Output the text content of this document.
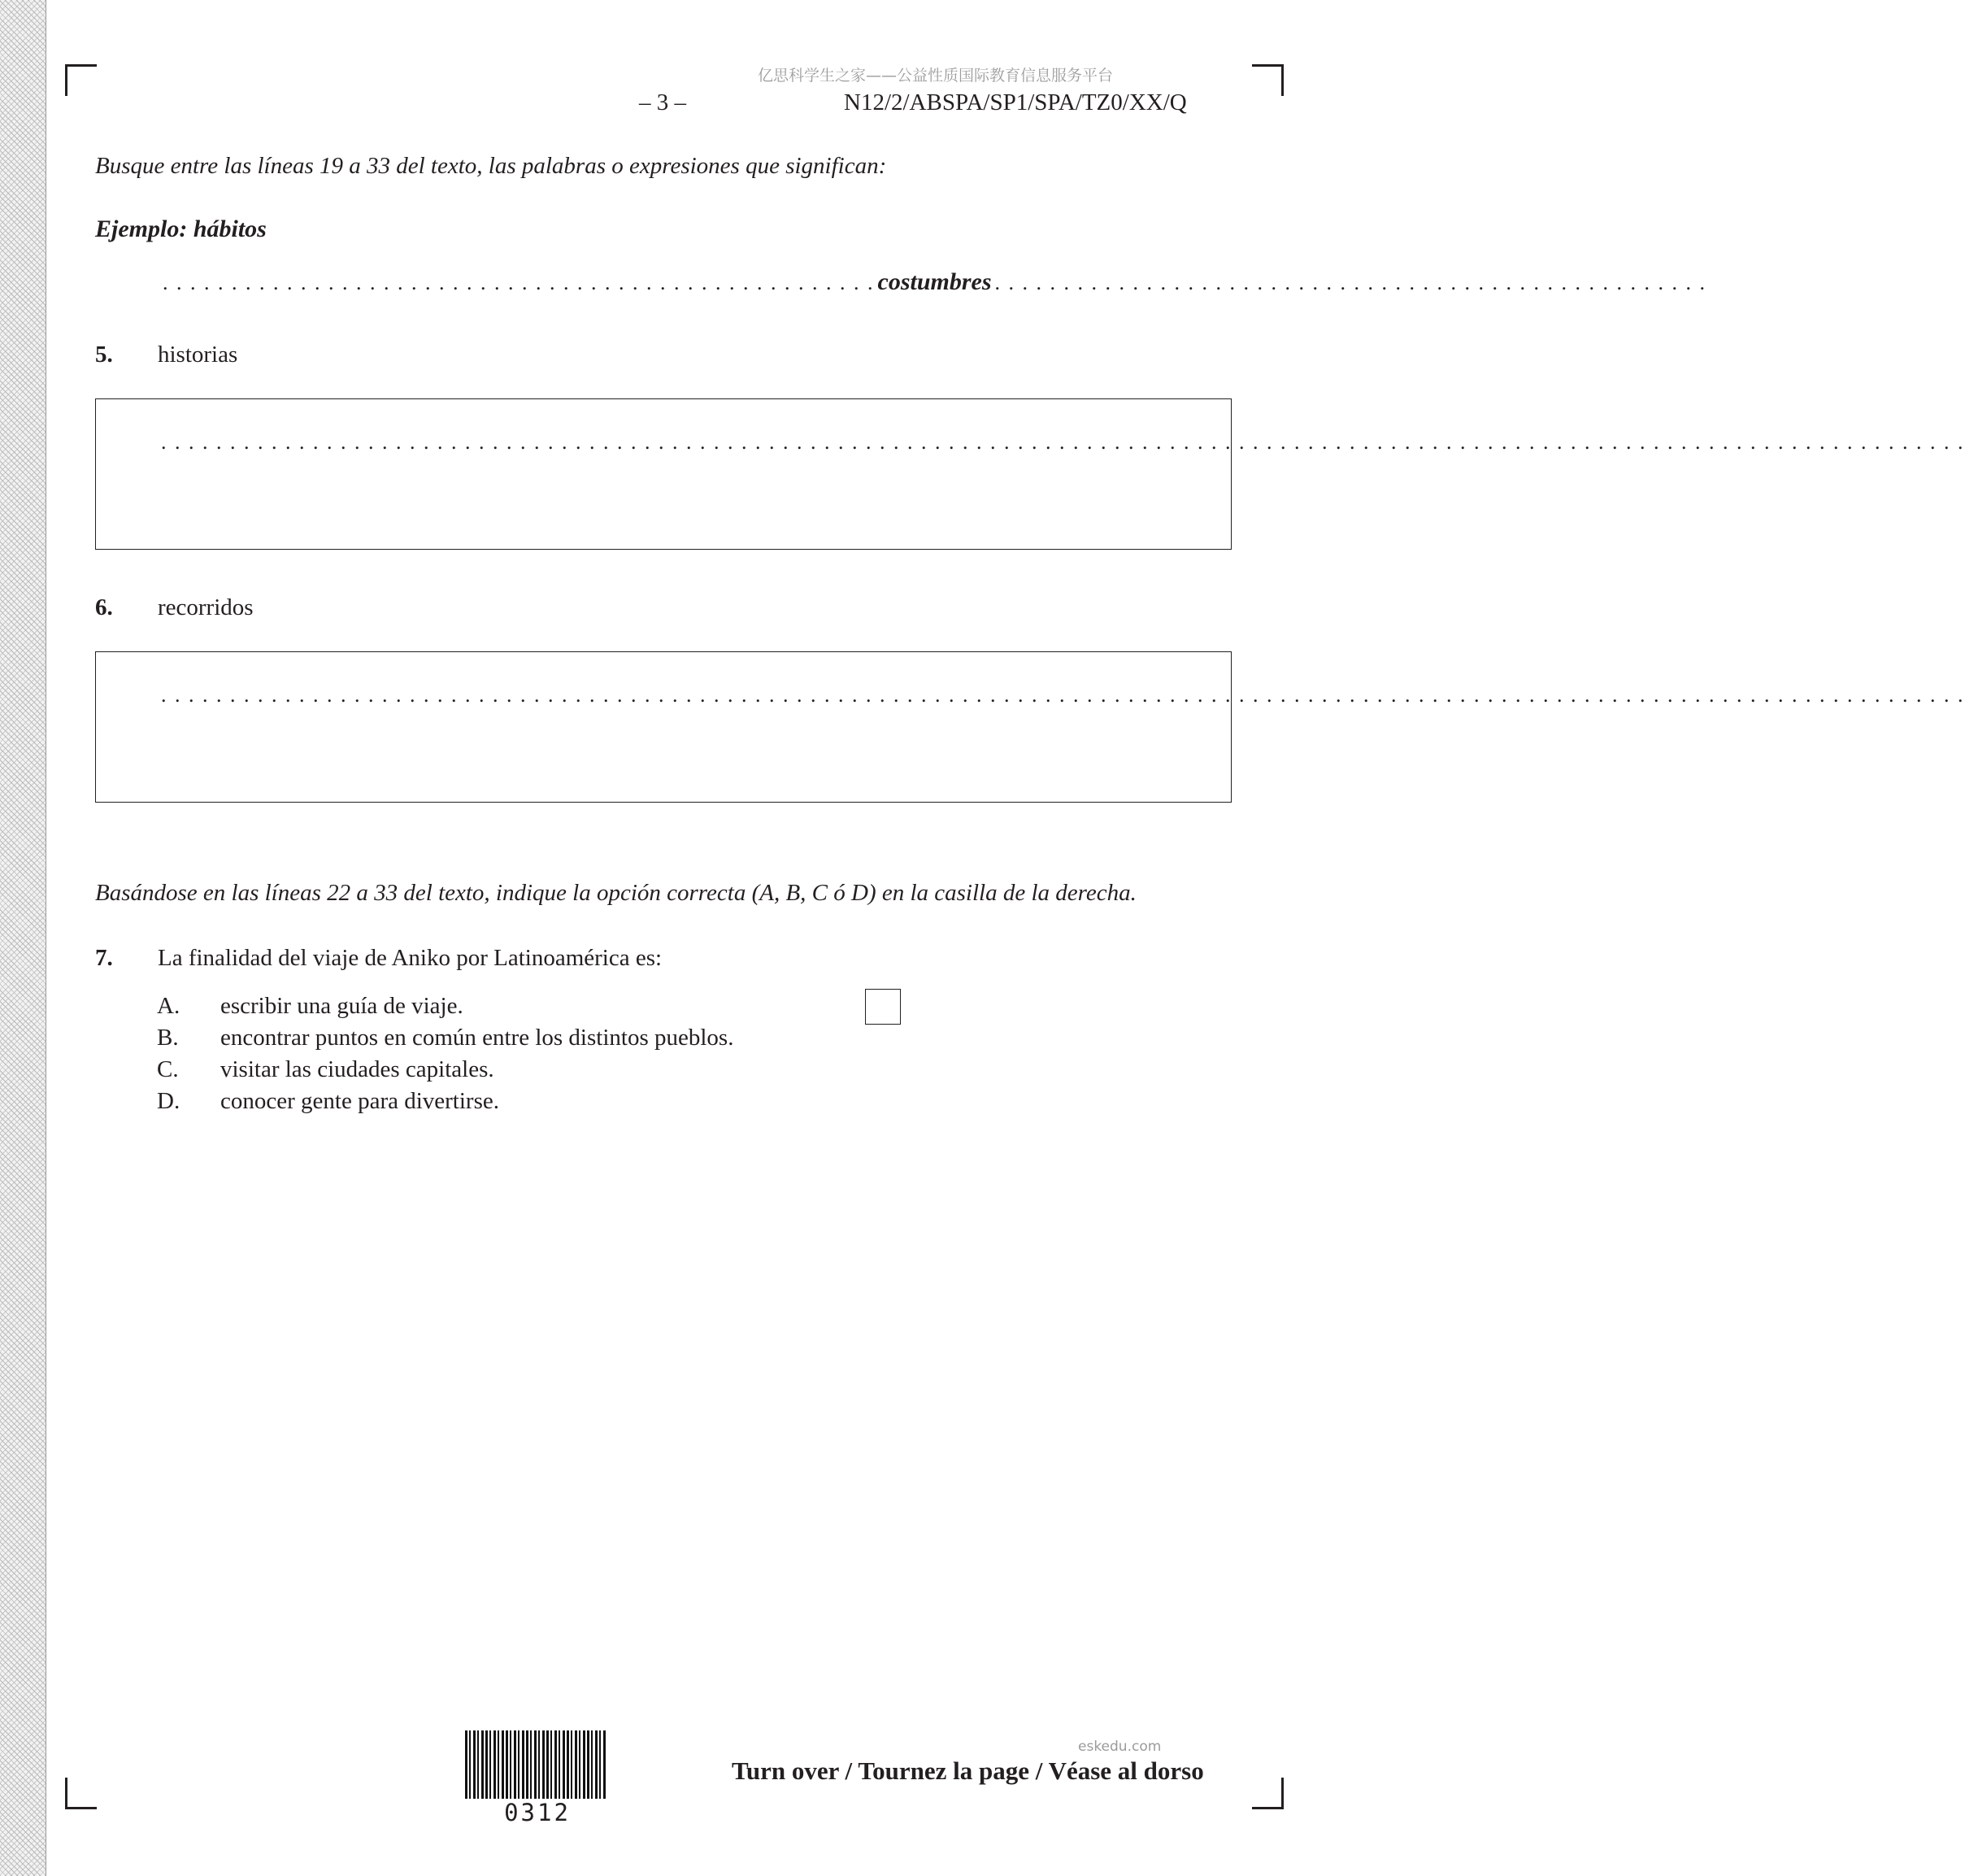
亿思科学生之家——公益性质国际教育信息服务平台
– 3 –	N12/2/ABSPA/SP1/SPA/TZ0/XX/Q
Busque entre las líneas 19 a 33 del texto, las palabras o expresiones que significan:
Ejemplo: hábitos
. . . . . . . . . . . . . . . . . . . . . . . . . . . . . . . . . . . . . . . . . . . . . . . . . . . . costumbres . . . . . . . . . . . . . . . . . . . . . . . . . . . . . . . . . . . . . . . . . . . . . . . . . . . .
5. historias
. . . . . . . . . . . . . . . . . . . . . . . . . . . . . . . . . . . . . . . . . . . . . . . . . . . . . . . . . . . . . . . . . . . . . . . . . . . . . . . . . . . . . . . . . . . . . . . . . . . . . . . . . . . . . . . . . . . . . . . . . . . . . . . . . . .
6. recorridos
. . . . . . . . . . . . . . . . . . . . . . . . . . . . . . . . . . . . . . . . . . . . . . . . . . . . . . . . . . . . . . . . . . . . . . . . . . . . . . . . . . . . . . . . . . . . . . . . . . . . . . . . . . . . . . . . . . . . . . . . . . . . . . . . . . .
Basándose en las líneas 22 a 33 del texto, indique la opción correcta (A, B, C ó D) en la casilla de la derecha.
7. La finalidad del viaje de Aniko por Latinoamérica es:
A.	escribir una guía de viaje.
B.	encontrar puntos en común entre los distintos pueblos.
C.	visitar las ciudades capitales.
D.	conocer gente para divertirse.
0312
Turn over / Tournez la page / Véase al dorso
eskedu.com
